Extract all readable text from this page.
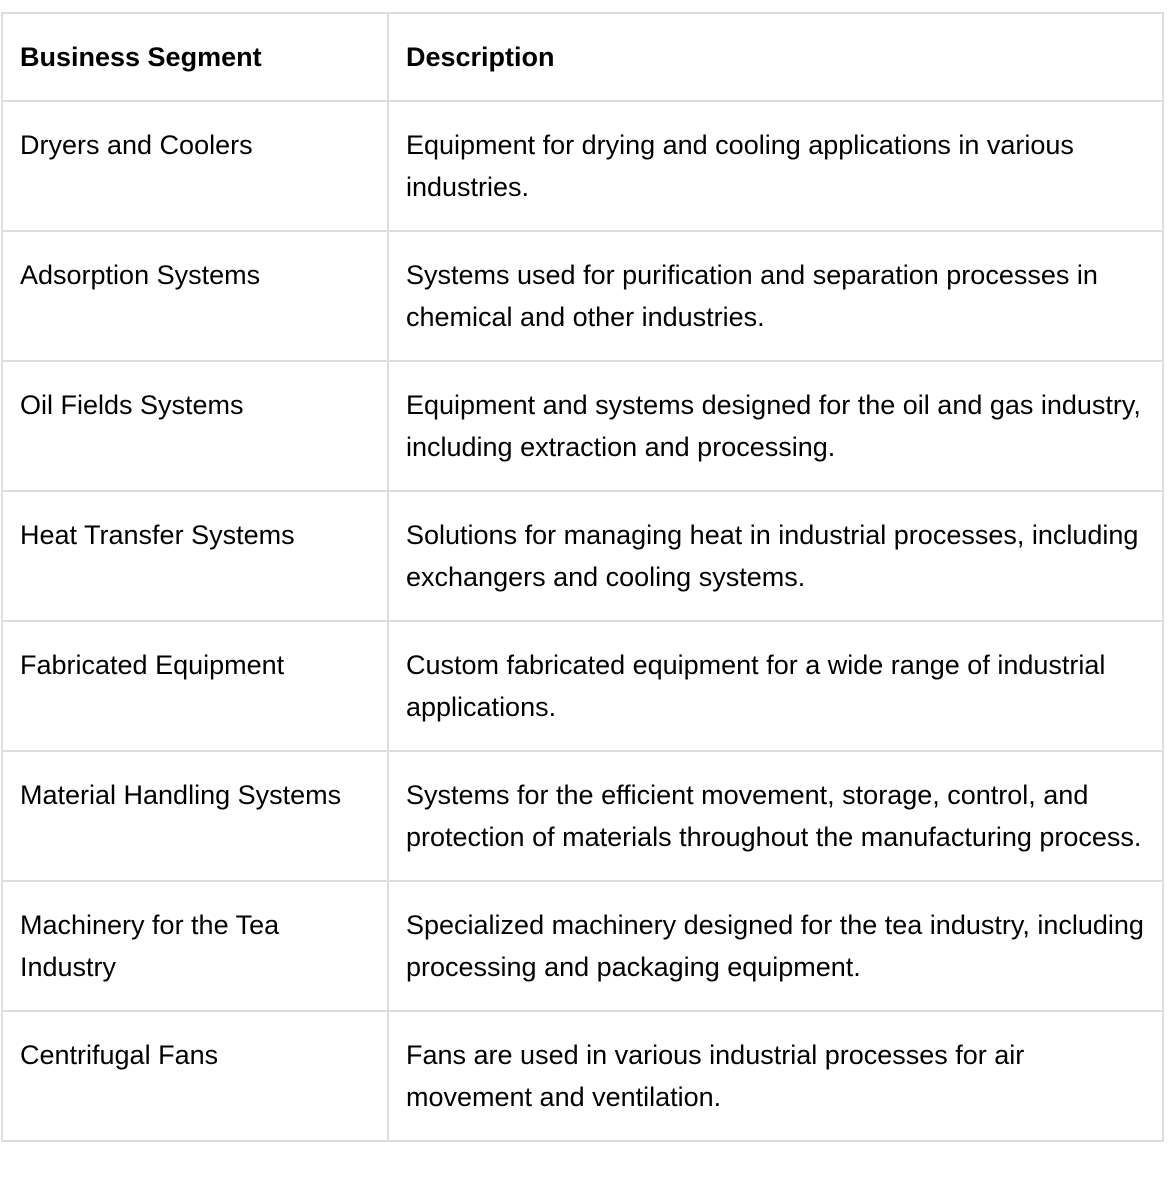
Business Segment	Description
Dryers and Coolers	Equipment for drying and cooling applications in various industries.
Adsorption Systems	Systems used for purification and separation processes in chemical and other industries.
Oil Fields Systems	Equipment and systems designed for the oil and gas industry, including extraction and processing.
Heat Transfer Systems	Solutions for managing heat in industrial processes, including exchangers and cooling systems.
Fabricated Equipment	Custom fabricated equipment for a wide range of industrial applications.
Material Handling Systems	Systems for the efficient movement, storage, control, and protection of materials throughout the manufacturing process.
Machinery for the Tea Industry	Specialized machinery designed for the tea industry, including processing and packaging equipment.
Centrifugal Fans	Fans are used in various industrial processes for air movement and ventilation.
